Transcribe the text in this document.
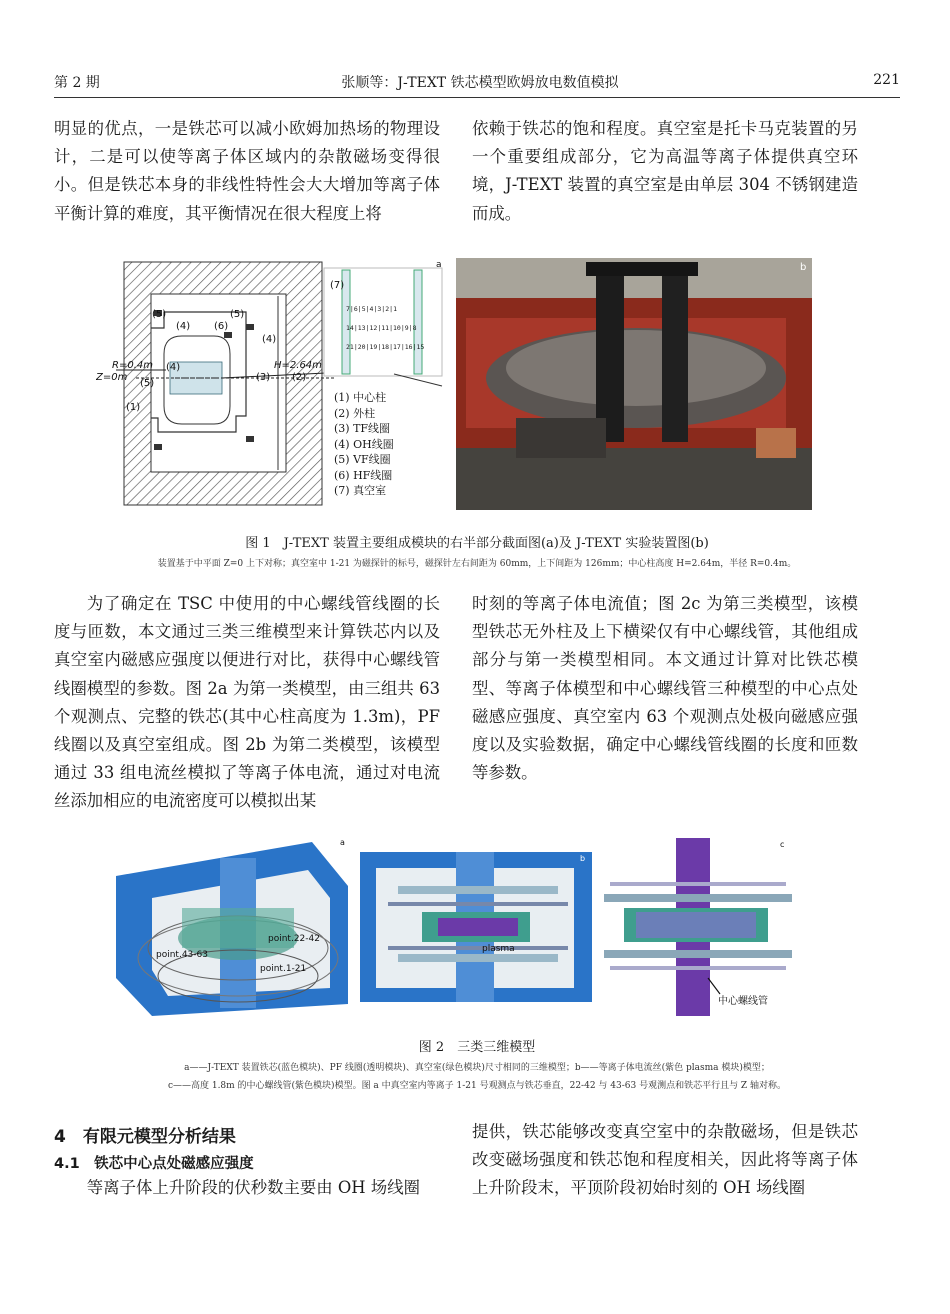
第 2 期	张顺等：J-TEXT 铁芯模型欧姆放电数值模拟	221

明显的优点，一是铁芯可以减小欧姆加热场的物理设计，二是可以使等离子体区域内的杂散磁场变得很小。但是铁芯本身的非线性特性会大大增加等离子体平衡计算的难度，其平衡情况在很大程度上将

依赖于铁芯的饱和程度。真空室是托卡马克装置的另一个重要组成部分，它为高温等离子体提供真空环境，J-TEXT 装置的真空室是由单层 304 不锈钢建造而成。

(5)
(4) (6)
(5)
(4)
(4)
(5)
(3) (2)
(1)
(7)
R=0.4m
Z=0m
H=2.64m
a
7|6|5|4|3|2|1
14|13|12|11|10|9|8
21|20|19|18|17|16|15
(1) 中心柱
(2) 外柱
(3) TF线圈
(4) OH线圈
(5) VF线圈
(6) HF线圈
(7) 真空室
b
图 1　J-TEXT 装置主要组成模块的右半部分截面图(a)及 J-TEXT 实验装置图(b)
装置基于中平面 Z=0 上下对称；真空室中 1-21 为磁探针的标号，磁探针左右间距为 60mm，上下间距为 126mm；中心柱高度 H=2.64m，半径 R=0.4m。

为了确定在 TSC 中使用的中心螺线管线圈的长度与匝数，本文通过三类三维模型来计算铁芯内以及真空室内磁感应强度以便进行对比，获得中心螺线管线圈模型的参数。图 2a 为第一类模型，由三组共 63 个观测点、完整的铁芯(其中心柱高度为 1.3m)，PF 线圈以及真空室组成。图 2b 为第二类模型，该模型通过 33 组电流丝模拟了等离子体电流，通过对电流丝添加相应的电流密度可以模拟出某

时刻的等离子体电流值；图 2c 为第三类模型，该模型铁芯无外柱及上下横梁仅有中心螺线管，其他组成部分与第一类模型相同。本文通过计算对比铁芯模型、等离子体模型和中心螺线管三种模型的中心点处磁感应强度、真空室内 63 个观测点处极向磁感应强度以及实验数据，确定中心螺线管线圈的长度和匝数等参数。

a
point.22-42
point.43-63
point.1-21
b
plasma
c
中心螺线管
图 2　三类三维模型
a——J-TEXT 装置铁芯(蓝色模块)、PF 线圈(透明模块)、真空室(绿色模块)尺寸相同的三维模型；b——等离子体电流丝(紫色 plasma 模块)模型；
c——高度 1.8m 的中心螺线管(紫色模块)模型。图 a 中真空室内等离子 1-21 号观测点与铁芯垂直，22-42 与 43-63 号观测点和铁芯平行且与 Z 轴对称。
4　有限元模型分析结果
4.1　铁芯中心点处磁感应强度

等离子体上升阶段的伏秒数主要由 OH 场线圈

提供，铁芯能够改变真空室中的杂散磁场，但是铁芯改变磁场强度和铁芯饱和程度相关，因此将等离子体上升阶段末，平顶阶段初始时刻的 OH 场线圈
